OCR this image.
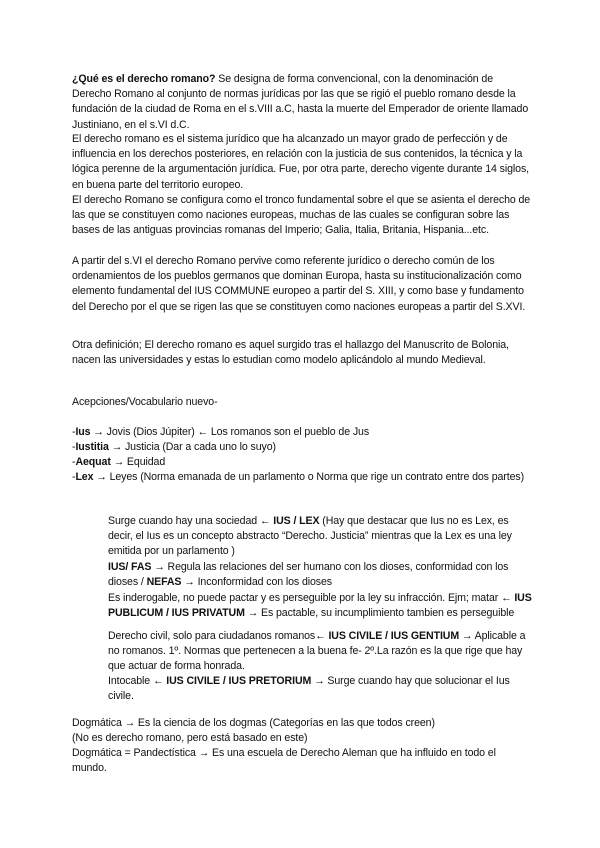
¿Qué es el derecho romano? Se designa de forma convencional, con la denominación de Derecho Romano al conjunto de normas jurídicas por las que se rigió el pueblo romano desde la fundación de la ciudad de Roma en el s.VIII a.C, hasta la muerte del Emperador de oriente llamado Justiniano, en el s.VI d.C.
El derecho romano es el sistema jurídico que ha alcanzado un mayor grado de perfección y de influencia en los derechos posteriores, en relación con la justicia de sus contenidos, la técnica y la lógica perenne de la argumentación jurídica. Fue, por otra parte, derecho vigente durante 14 siglos, en buena parte del territorio europeo.
El derecho Romano se configura como el tronco fundamental sobre el que se asienta el derecho de las que se constituyen como naciones europeas, muchas de las cuales se configuran sobre las bases de las antiguas provincias romanas del Imperio; Galia, Italia, Britania, Hispania...etc.
A partir del s.VI el derecho Romano pervive como referente jurídico o derecho común de los ordenamientos de los pueblos germanos que dominan Europa, hasta su institucionalización como elemento fundamental del IUS COMMUNE europeo a partir del S. XIII, y como base y fundamento del Derecho por el que se rigen las que se constituyen como naciones europeas a partir del S.XVI.
Otra definición; El derecho romano es aquel surgido tras el hallazgo del Manuscrito de Bolonia, nacen las universidades y estas lo estudian como modelo aplicándolo al mundo Medieval.
Acepciones/Vocabulario nuevo-
-Ius → Jovis (Dios Júpiter) ← Los romanos son el pueblo de Jus
-Iustitia → Justicia (Dar a cada uno lo suyo)
-Aequat → Equidad
-Lex → Leyes (Norma emanada de un parlamento o Norma que rige un contrato entre dos partes)
Surge cuando hay una sociedad ← IUS / LEX (Hay que destacar que Ius no es Lex, es decir, el Ius es un concepto abstracto “Derecho. Justicia” mientras que la Lex es una ley emitida por un parlamento )
IUS/ FAS → Regula las relaciones del ser humano con los dioses, conformidad con los dioses / NEFAS → Inconformidad con los dioses
Es inderogable, no puede pactar y es perseguible por la ley su infracción. Ejm; matar ← IUS PUBLICUM / IUS PRIVATUM → Es pactable, su incumplimiento tambien es perseguible
Derecho civil, solo para ciudadanos romanos← IUS CIVILE / IUS GENTIUM → Aplicable a no romanos. 1º. Normas que pertenecen a la buena fe- 2º.La razón es la que rige que hay que actuar de forma honrada.
Intocable ← IUS CIVILE / IUS PRETORIUM → Surge cuando hay que solucionar el Ius civile.
Dogmática → Es la ciencia de los dogmas (Categorías en las que todos creen)
(No es derecho romano, pero está basado en este)
Dogmática = Pandectística → Es una escuela de Derecho Aleman que ha influido en todo el mundo.
